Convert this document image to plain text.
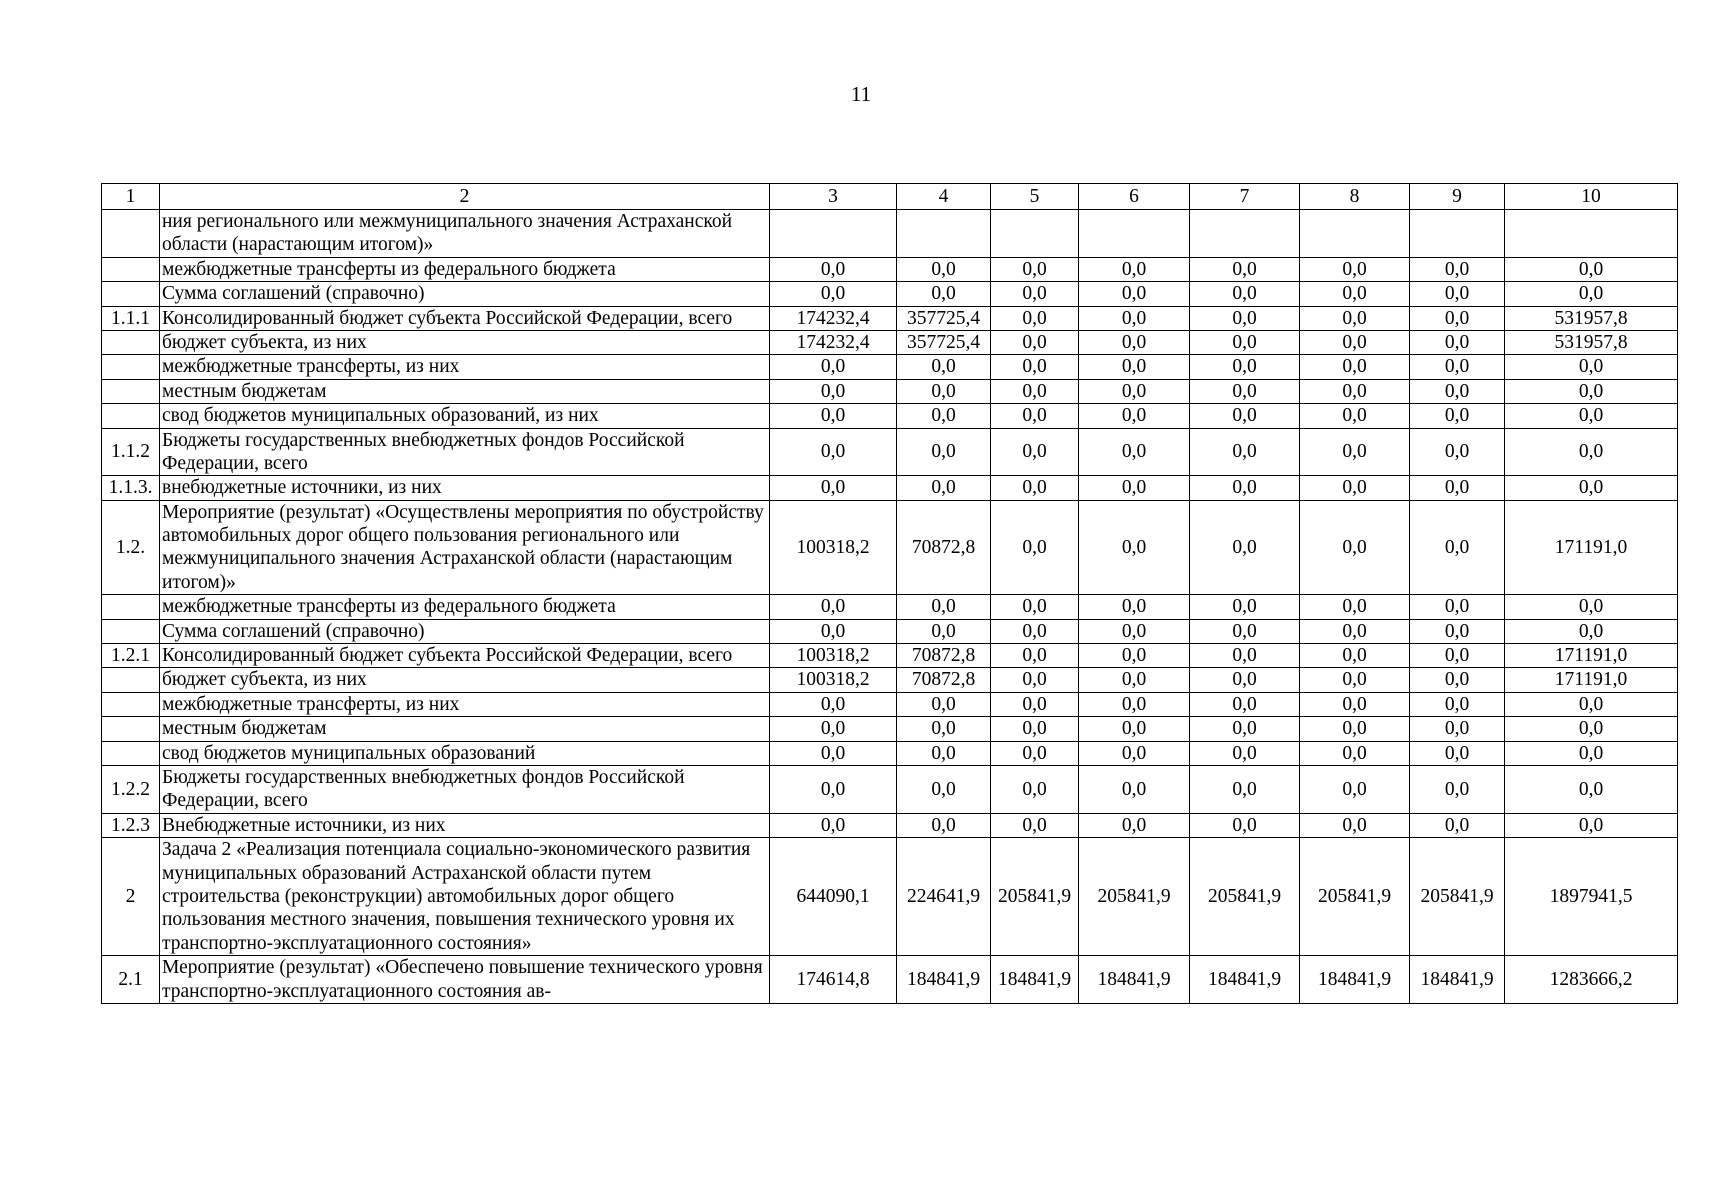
11
1	2	3	4	5	6	7	8	9	10
	ния регионального или межмуниципального значения Астраханской области (нарастающим итогом)»								
	межбюджетные трансферты из федерального бюджета	0,0	0,0	0,0	0,0	0,0	0,0	0,0	0,0
	Сумма соглашений (справочно)	0,0	0,0	0,0	0,0	0,0	0,0	0,0	0,0
1.1.1	Консолидированный бюджет субъекта Российской Федерации, всего	174232,4	357725,4	0,0	0,0	0,0	0,0	0,0	531957,8
	бюджет субъекта, из них	174232,4	357725,4	0,0	0,0	0,0	0,0	0,0	531957,8
	межбюджетные трансферты, из них	0,0	0,0	0,0	0,0	0,0	0,0	0,0	0,0
	местным бюджетам	0,0	0,0	0,0	0,0	0,0	0,0	0,0	0,0
	свод бюджетов муниципальных образований, из них	0,0	0,0	0,0	0,0	0,0	0,0	0,0	0,0
1.1.2	Бюджеты государственных внебюджетных фондов Российской Федерации, всего	0,0	0,0	0,0	0,0	0,0	0,0	0,0	0,0
1.1.3.	внебюджетные источники, из них	0,0	0,0	0,0	0,0	0,0	0,0	0,0	0,0
1.2.	Мероприятие (результат) «Осуществлены мероприятия по обустройству автомобильных дорог общего пользования регионального или межмуниципального значения Астраханской области (нарастающим итогом)»	100318,2	70872,8	0,0	0,0	0,0	0,0	0,0	171191,0
	межбюджетные трансферты из федерального бюджета	0,0	0,0	0,0	0,0	0,0	0,0	0,0	0,0
	Сумма соглашений (справочно)	0,0	0,0	0,0	0,0	0,0	0,0	0,0	0,0
1.2.1	Консолидированный бюджет субъекта Российской Федерации, всего	100318,2	70872,8	0,0	0,0	0,0	0,0	0,0	171191,0
	бюджет субъекта, из них	100318,2	70872,8	0,0	0,0	0,0	0,0	0,0	171191,0
	межбюджетные трансферты, из них	0,0	0,0	0,0	0,0	0,0	0,0	0,0	0,0
	местным бюджетам	0,0	0,0	0,0	0,0	0,0	0,0	0,0	0,0
	свод бюджетов муниципальных образований	0,0	0,0	0,0	0,0	0,0	0,0	0,0	0,0
1.2.2	Бюджеты государственных внебюджетных фондов Российской Федерации, всего	0,0	0,0	0,0	0,0	0,0	0,0	0,0	0,0
1.2.3	Внебюджетные источники, из них	0,0	0,0	0,0	0,0	0,0	0,0	0,0	0,0
2	Задача 2 «Реализация потенциала социально-экономического развития муниципальных образований Астраханской области путем строительства (реконструкции) автомобильных дорог общего пользования местного значения, повышения технического уровня их транспортно-эксплуатационного состояния»	644090,1	224641,9	205841,9	205841,9	205841,9	205841,9	205841,9	1897941,5
2.1	Мероприятие (результат) «Обеспечено повышение технического уровня транспортно-эксплуатационного состояния ав-	174614,8	184841,9	184841,9	184841,9	184841,9	184841,9	184841,9	1283666,2
